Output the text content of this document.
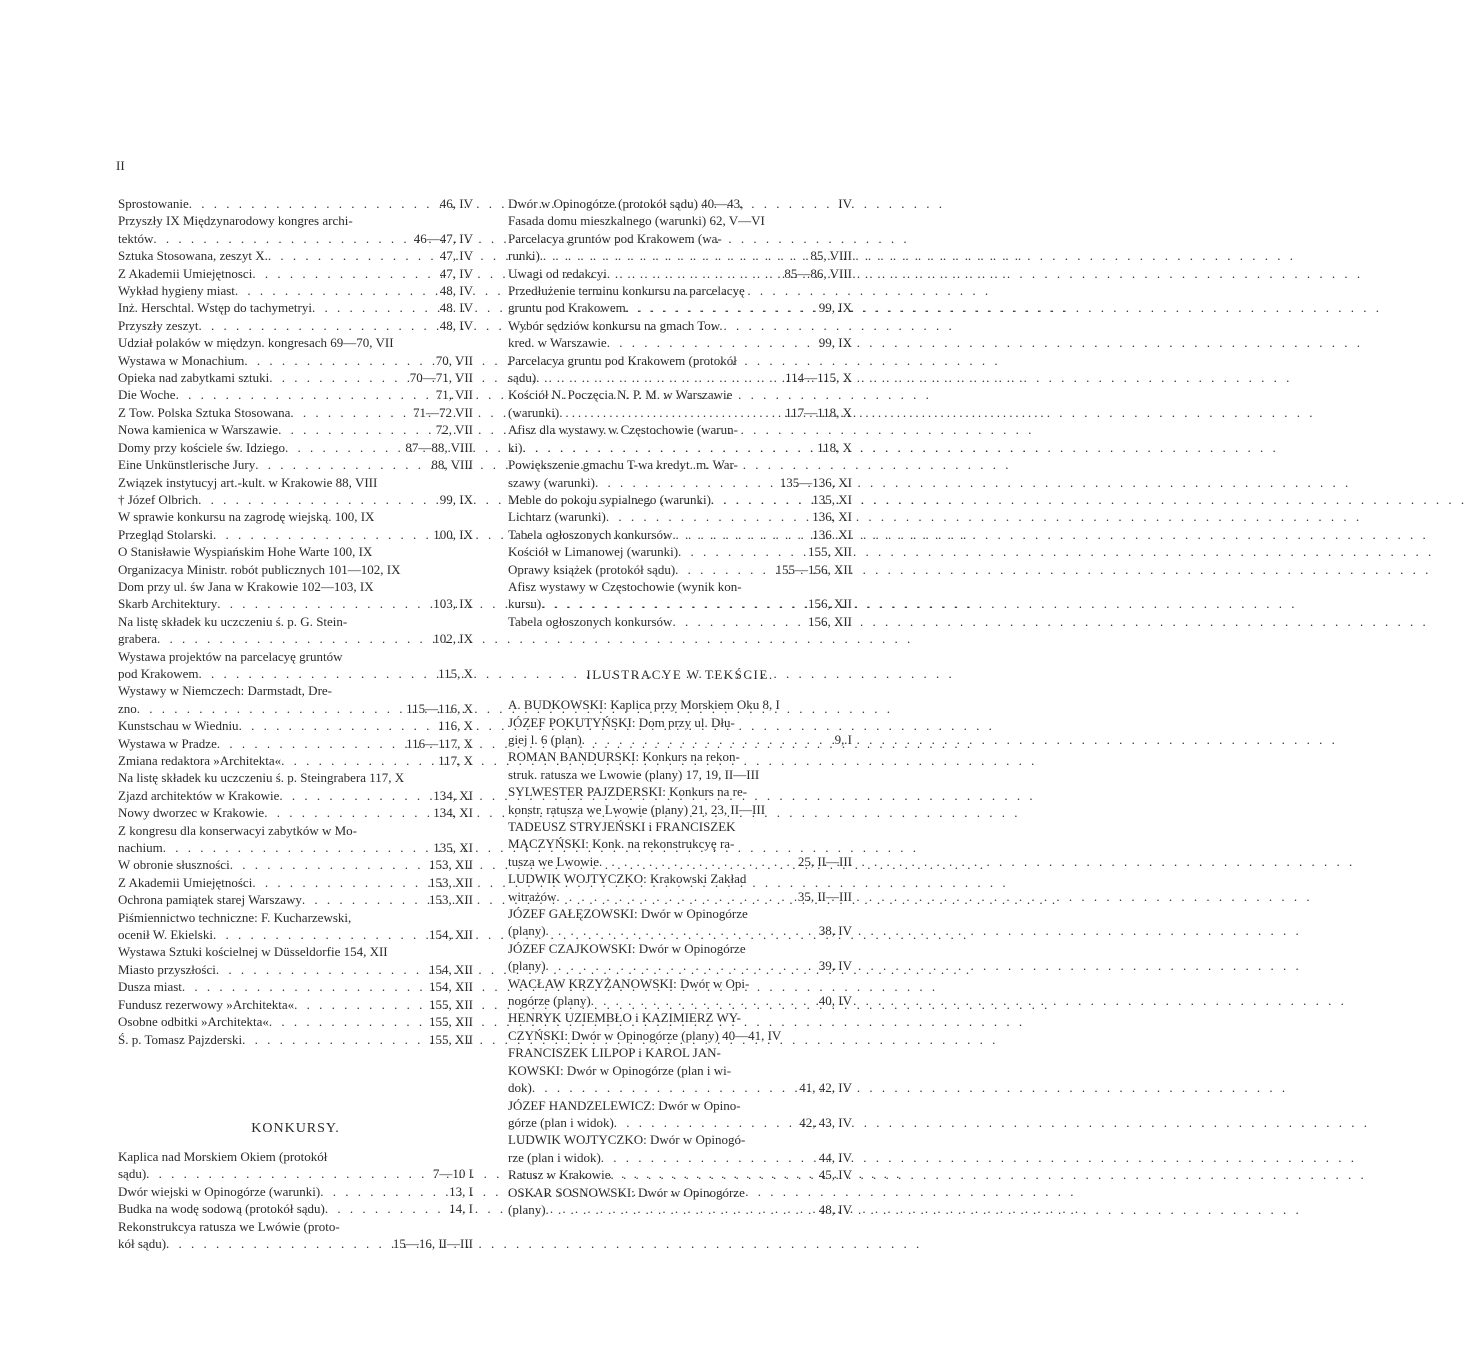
II
Sprostowanie . . .	46, IV
Przyszły IX Międzynarodowy kongres archi-
tektów . . .	46—47, IV
Sztuka Stosowana, zeszyt X. . . .	47, IV
Z Akademii Umiejętnosci . . .	47, IV
Wykład hygieny miast . . .	48, IV
Inż. Herschtal. Wstęp do tachymetryi . . .	48. IV
Przyszły zeszyt . . .	48, IV
Udział polaków w międzyn. kongresach 69—70, VII
Wystawa w Monachium . . .	70, VII
Opieka nad zabytkami sztuki . . .	70—71, VII
Die Woche . . .	71, VII
Z Tow. Polska Sztuka Stosowana . . .	71—72 VII
Nowa kamienica w Warszawie . . .	72, VII
Domy przy kościele św. Idziego . . .	87—88, VIII
Eine Unkünstlerische Jury . . .	88, VIII
Związek instytucyj art.-kult. w Krakowie 88, VIII
† Józef Olbrich . . .	99, IX
W sprawie konkursu na zagrodę wiejską. 100, IX
Przegląd Stolarski . . .	100, IX
O Stanisławie Wyspiańskim Hohe Warte 100, IX
Organizacya Ministr. robót publicznych 101—102, IX
Dom przy ul. św Jana w Krakowie 102—103, IX
Skarb Architektury . . .	103, IX
Na listę składek ku uczczeniu ś. p. G. Stein-
grabera . . .	102, IX
Wystawa projektów na parcelacyę gruntów
pod Krakowem . . .	115, X
Wystawy w Niemczech: Darmstadt, Dre-
zno . . .	115—116, X
Kunstschau w Wiedniu . . .	116, X
Wystawa w Pradze . . .	116—117, X
Zmiana redaktora »Architekta« . . .	117, X
Na listę składek ku uczczeniu ś. p. Steingrabera 117, X
Zjazd architektów w Krakowie . . .	134, XI
Nowy dworzec w Krakowie . . .	134, XI
Z kongresu dla konserwacyi zabytków w Mo-
nachium . . .	135, XI
W obronie słuszności . . .	153, XII
Z Akademii Umiejętności . . .	153, XII
Ochrona pamiątek starej Warszawy . . .	153, XII
Piśmiennictwo techniczne: F. Kucharzewski,
ocenił W. Ekielski . . .	154, XII
Wystawa Sztuki kościelnej w Düsseldorfie 154, XII
Miasto przyszłości . . .	154, XII
Dusza miast . . .	154, XII
Fundusz rezerwowy »Architekta« . . .	155, XII
Osobne odbitki »Architekta« . . .	155, XII
Ś. p. Tomasz Pajzderski . . .	155, XII
KONKURSY.
Kaplica nad Morskiem Okiem (protokół
sądu) . . .	7—10 I
Dwór wiejski w Opinogórze (warunki) . . .	13, I
Budka na wodę sodową (protokół sądu) . . .	14, I
Rekonstrukcya ratusza we Lwówie (proto-
kół sądu) . . .	15—16, II—III
Dwór w Opinogórze (protokół sądu) 40—43,	IV
Fasada domu mieszkalnego (warunki) 62, V—VI
Parcelacya gruntów pod Krakowem (wa-
runki) . . .	85, VIII
Uwagi od redakcyi . . .	85—86, VIII
Przedłużenie terminu konkursu na parcelacyę
gruntu pod Krakowem . . .	99, IX
Wybór sędziów konkursu na gmach Tow.
kred. w Warszawie . . .	99, IX
Parcelacya gruntu pod Krakowem (protokół
sądu) . . .	114—115, X
Kościół N. Poczęcia N. P. M. w Warszawie
(warunki) . . .	117—118, X
Afisz dla wystawy w Częstochowie (warun-
ki) . . .	118, X
Powiększenie gmachu T-wa kredyt. m. War-
szawy (warunki) . . .	135—136, XI
Meble do pokoju sypialnego (warunki) . . .	135, XI
Lichtarz (warunki) . . .	136, XI
Tabela ogłoszonych konkursów . . .	136. XI
Kościół w Limanowej (warunki) . . .	155, XII
Oprawy książek (protokół sądu) . . .	155—156, XII
Afisz wystawy w Częstochowie (wynik kon-
kursu) . . .	156, XII
Tabela ogłoszonych konkursów . . .	156, XII
ILUSTRACYE W TEKŚCIE.
A. BUDKOWSKI: Kaplica przy Morskiem Oku 8, I
JÓZEF POKUTYŃSKI: Dom przy ul. Dłu-
giej l. 6 (plan) . . .	9, I
ROMAN BANDURSKI: Konkurs na rekon-
struk. ratusza we Lwowie (plany) 17, 19, II—III
SYLWESTER PAJZDERSKI: Konkurs na re-
konstr. ratusza we Lwowie (plany) 21, 23, II—III
TADEUSZ STRYJEŃSKI i FRANCISZEK
MĄCZYŃSKI: Konk. na rekonstrukcyę ra-
tusza we Lwowie . . .	25, II—III
LUDWIK WOJTYCZKO: Krakowski Zakład
witrażów . . .	35, II—III
JÓZEF GAŁĘZOWSKI: Dwór w Opinogórze
(plany) . . .	38, IV
JÓZEF CZAJKOWSKI: Dwór w Opinogórze
(plany) . . .	39, IV
WACŁAW KRZYŻANOWSKI: Dwór w Opi-
nogórze (plany) . . .	40, IV
HENRYK UZIEMBŁO i KAZIMIERZ WY-
CZYŃSKI: Dwór w Opinogórze (plany) 40—41, IV
FRANCISZEK LILPOP i KAROL JAN-
KOWSKI: Dwór w Opinogórze (plan i wi-
dok) . . .	41, 42, IV
JÓZEF HANDZELEWICZ: Dwór w Opino-
górze (plan i widok) . . .	42, 43, IV
LUDWIK WOJTYCZKO: Dwór w Opinogó-
rze (plan i widok) . . .	44, IV
Ratusz w Krakowie . . .	45, IV
OSKAR SOSNOWSKI: Dwór w Opinogórze
(plany) . . .	48, IV
